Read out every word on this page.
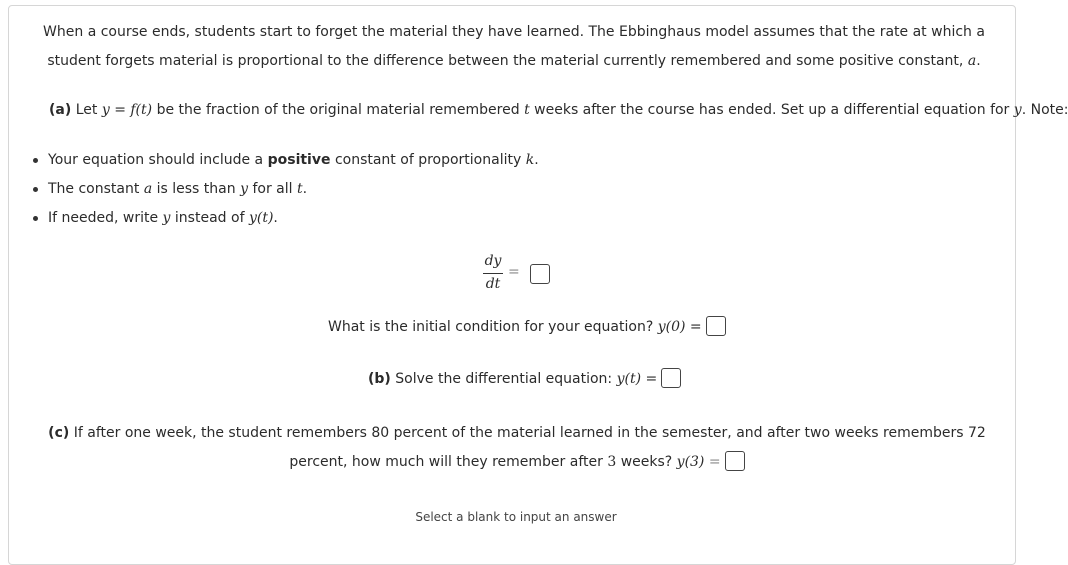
When a course ends, students start to forget the material they have learned. The Ebbinghaus model assumes that the rate at which a student forgets material is proportional to the difference between the material currently remembered and some positive constant, a.
(a) Let y = f(t) be the fraction of the original material remembered t weeks after the course has ended. Set up a differential equation for y. Note:
Your equation should include a positive constant of proportionality k.
The constant a is less than y for all t.
If needed, write y instead of y(t).
dy
dt
=
What is the initial condition for your equation? y(0) =
(b) Solve the differential equation: y(t) =
(c) If after one week, the student remembers 80 percent of the material learned in the semester, and after two weeks remembers 72 percent, how much will they remember after 3 weeks? y(3) =
Select a blank to input an answer
